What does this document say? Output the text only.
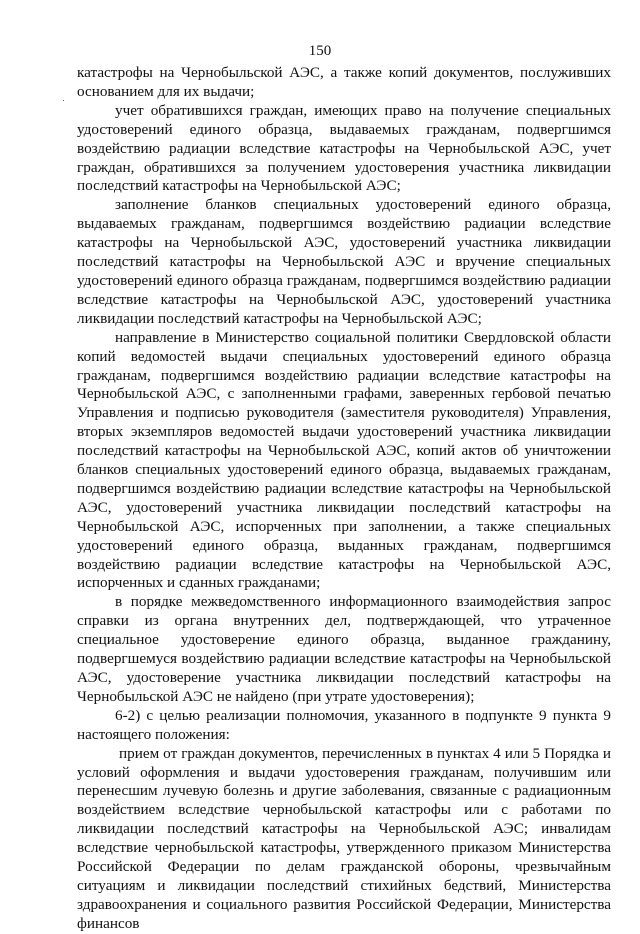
150

катастрофы на Чернобыльской АЭС, а также копий документов, послуживших основанием для их выдачи;

учет обратившихся граждан, имеющих право на получение специальных удостоверений единого образца, выдаваемых гражданам, подвергшимся воздействию радиации вследствие катастрофы на Чернобыльской АЭС, учет граждан, обратившихся за получением удостоверения участника ликвидации последствий катастрофы на Чернобыльской АЭС;

заполнение бланков специальных удостоверений единого образца, выдаваемых гражданам, подвергшимся воздействию радиации вследствие катастрофы на Чернобыльской АЭС, удостоверений участника ликвидации последствий катастрофы на Чернобыльской АЭС и вручение специальных удостоверений единого образца гражданам, подвергшимся воздействию радиации вследствие катастрофы на Чернобыльской АЭС, удостоверений участника ликвидации последствий катастрофы на Чернобыльской АЭС;

направление в Министерство социальной политики Свердловской области копий ведомостей выдачи специальных удостоверений единого образца гражданам, подвергшимся воздействию радиации вследствие катастрофы на Чернобыльской АЭС, с заполненными графами, заверенных гербовой печатью Управления и подписью руководителя (заместителя руководителя) Управления, вторых экземпляров ведомостей выдачи удостоверений участника ликвидации последствий катастрофы на Чернобыльской АЭС, копий актов об уничтожении бланков специальных удостоверений единого образца, выдаваемых гражданам, подвергшимся воздействию радиации вследствие катастрофы на Чернобыльской АЭС, удостоверений участника ликвидации последствий катастрофы на Чернобыльской АЭС, испорченных при заполнении, а также специальных удостоверений единого образца, выданных гражданам, подвергшимся воздействию радиации вследствие катастрофы на Чернобыльской АЭС, испорченных и сданных гражданами;

в порядке межведомственного информационного взаимодействия запрос справки из органа внутренних дел, подтверждающей, что утраченное специальное удостоверение единого образца, выданное гражданину, подвергшемуся воздействию радиации вследствие катастрофы на Чернобыльской АЭС, удостоверение участника ликвидации последствий катастрофы на Чернобыльской АЭС не найдено (при утрате удостоверения);

6-2) с целью реализации полномочия, указанного в подпункте 9 пункта 9 настоящего положения:

прием от граждан документов, перечисленных в пунктах 4 или 5 Порядка и условий оформления и выдачи удостоверения гражданам, получившим или перенесшим лучевую болезнь и другие заболевания, связанные с радиационным воздействием вследствие чернобыльской катастрофы или с работами по ликвидации последствий катастрофы на Чернобыльской АЭС; инвалидам вследствие чернобыльской катастрофы, утвержденного приказом Министерства Российской Федерации по делам гражданской обороны, чрезвычайным ситуациям и ликвидации последствий стихийных бедствий, Министерства здравоохранения и социального развития Российской Федерации, Министерства финансов
